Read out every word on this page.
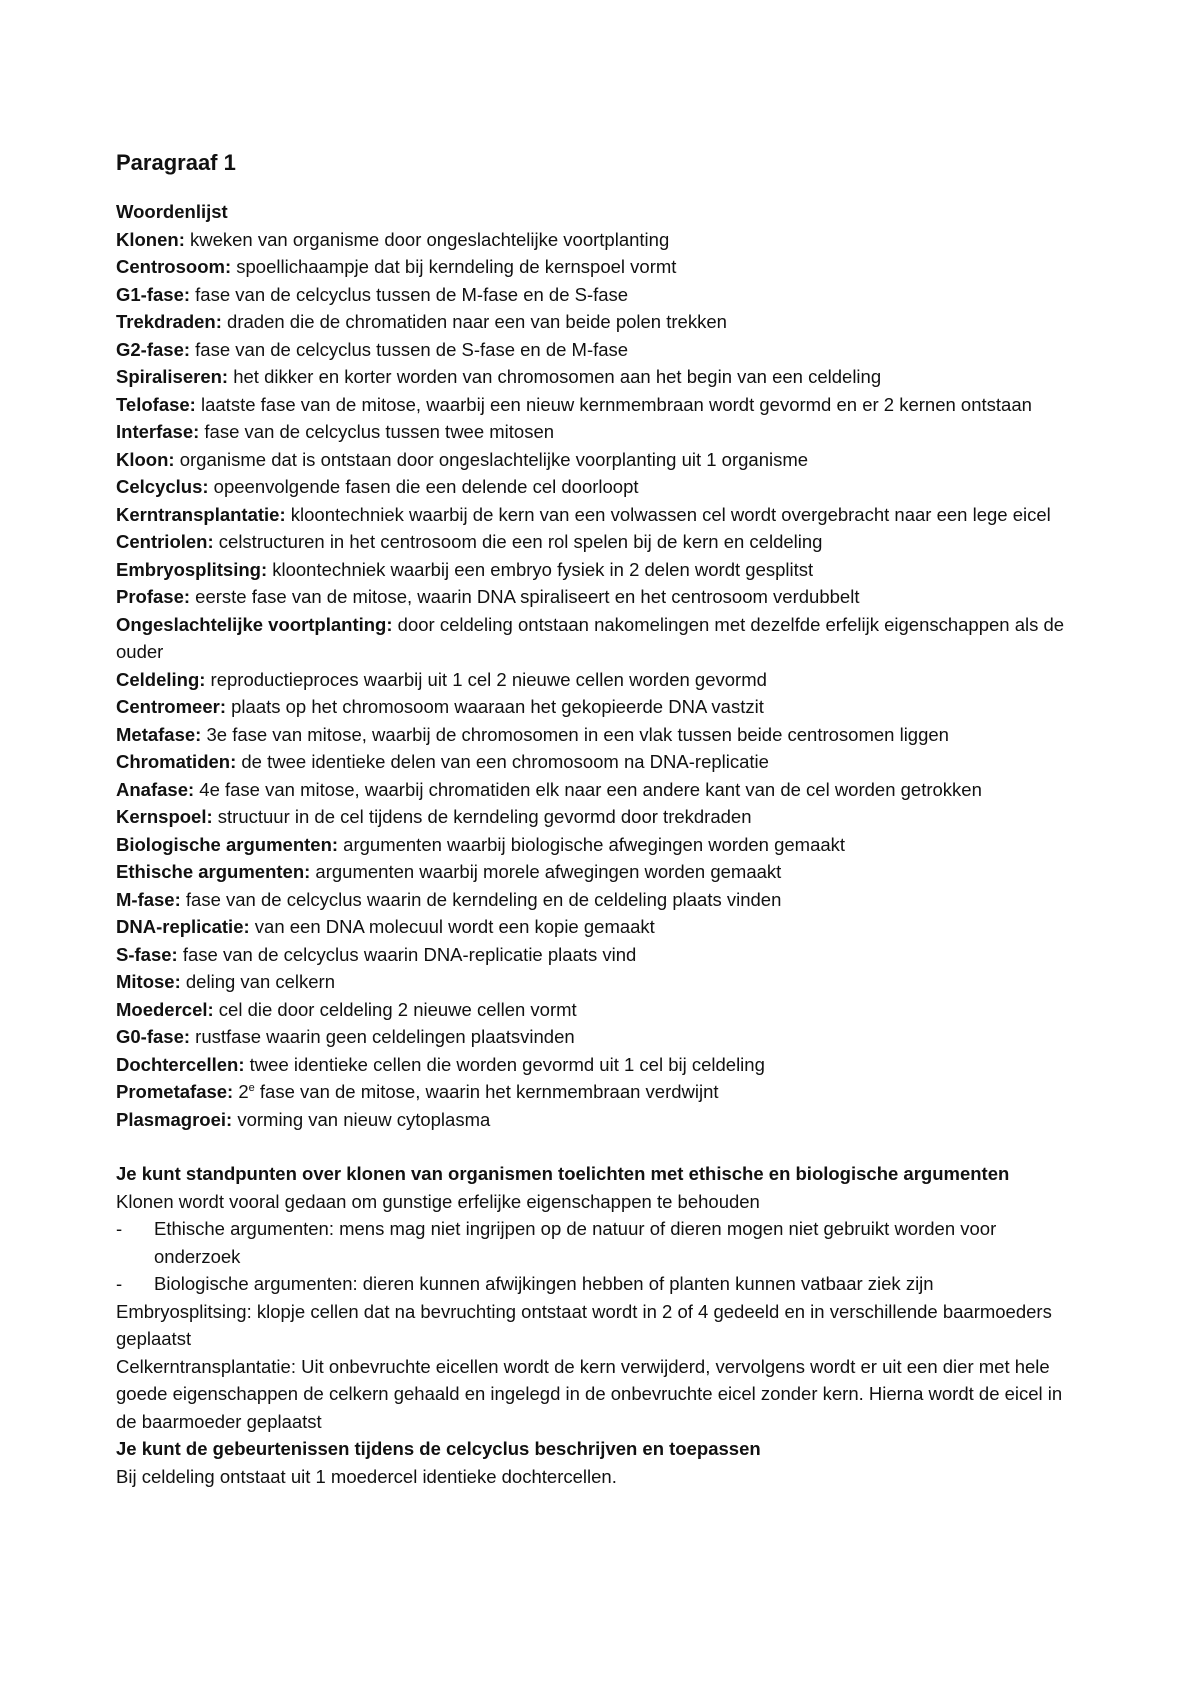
Paragraaf 1

Woordenlijst

Klonen: kweken van organisme door ongeslachtelijke voortplanting

Centrosoom: spoellichaampje dat bij kerndeling de kernspoel vormt

G1-fase: fase van de celcyclus tussen de M-fase en de S-fase

Trekdraden: draden die de chromatiden naar een van beide polen trekken

G2-fase: fase van de celcyclus tussen de S-fase en de M-fase

Spiraliseren: het dikker en korter worden van chromosomen aan het begin van een celdeling

Telofase: laatste fase van de mitose, waarbij een nieuw kernmembraan wordt gevormd en er 2 kernen ontstaan

Interfase: fase van de celcyclus tussen twee mitosen

Kloon: organisme dat is ontstaan door ongeslachtelijke voorplanting uit 1 organisme

Celcyclus: opeenvolgende fasen die een delende cel doorloopt

Kerntransplantatie: kloontechniek waarbij de kern van een volwassen cel wordt overgebracht naar een lege eicel

Centriolen: celstructuren in het centrosoom die een rol spelen bij de kern en celdeling

Embryosplitsing: kloontechniek waarbij een embryo fysiek in 2 delen wordt gesplitst

Profase: eerste fase van de mitose, waarin DNA spiraliseert en het centrosoom verdubbelt

Ongeslachtelijke voortplanting: door celdeling ontstaan nakomelingen met dezelfde erfelijk eigenschappen als de ouder

Celdeling: reproductieproces waarbij uit 1 cel 2 nieuwe cellen worden gevormd

Centromeer: plaats op het chromosoom waaraan het gekopieerde DNA vastzit

Metafase: 3e fase van mitose, waarbij de chromosomen in een vlak tussen beide centrosomen liggen

Chromatiden: de twee identieke delen van een chromosoom na DNA-replicatie

Anafase: 4e fase van mitose, waarbij chromatiden elk naar een andere kant van de cel worden getrokken

Kernspoel: structuur in de cel tijdens de kerndeling gevormd door trekdraden

Biologische argumenten: argumenten waarbij biologische afwegingen worden gemaakt

Ethische argumenten: argumenten waarbij morele afwegingen worden gemaakt

M-fase: fase van de celcyclus waarin de kerndeling en de celdeling plaats vinden

DNA-replicatie: van een DNA molecuul wordt een kopie gemaakt

S-fase: fase van de celcyclus waarin DNA-replicatie plaats vind

Mitose: deling van celkern

Moedercel: cel die door celdeling 2 nieuwe cellen vormt

G0-fase: rustfase waarin geen celdelingen plaatsvinden

Dochtercellen: twee identieke cellen die worden gevormd uit 1 cel bij celdeling

Prometafase: 2e fase van de mitose, waarin het kernmembraan verdwijnt

Plasmagroei: vorming van nieuw cytoplasma

Je kunt standpunten over klonen van organismen toelichten met ethische en biologische argumenten

Klonen wordt vooral gedaan om gunstige erfelijke eigenschappen te behouden

-	Ethische argumenten: mens mag niet ingrijpen op de natuur of dieren mogen niet gebruikt worden voor onderzoek
-	Biologische argumenten: dieren kunnen afwijkingen hebben of planten kunnen vatbaar ziek zijn

Embryosplitsing: klopje cellen dat na bevruchting ontstaat wordt in 2 of 4 gedeeld en in verschillende baarmoeders geplaatst

Celkerntransplantatie: Uit onbevruchte eicellen wordt de kern verwijderd, vervolgens wordt er uit een dier met hele goede eigenschappen de celkern gehaald en ingelegd in de onbevruchte eicel zonder kern. Hierna wordt de eicel in de baarmoeder geplaatst

Je kunt de gebeurtenissen tijdens de celcyclus beschrijven en toepassen

Bij celdeling ontstaat uit 1 moedercel identieke dochtercellen.
